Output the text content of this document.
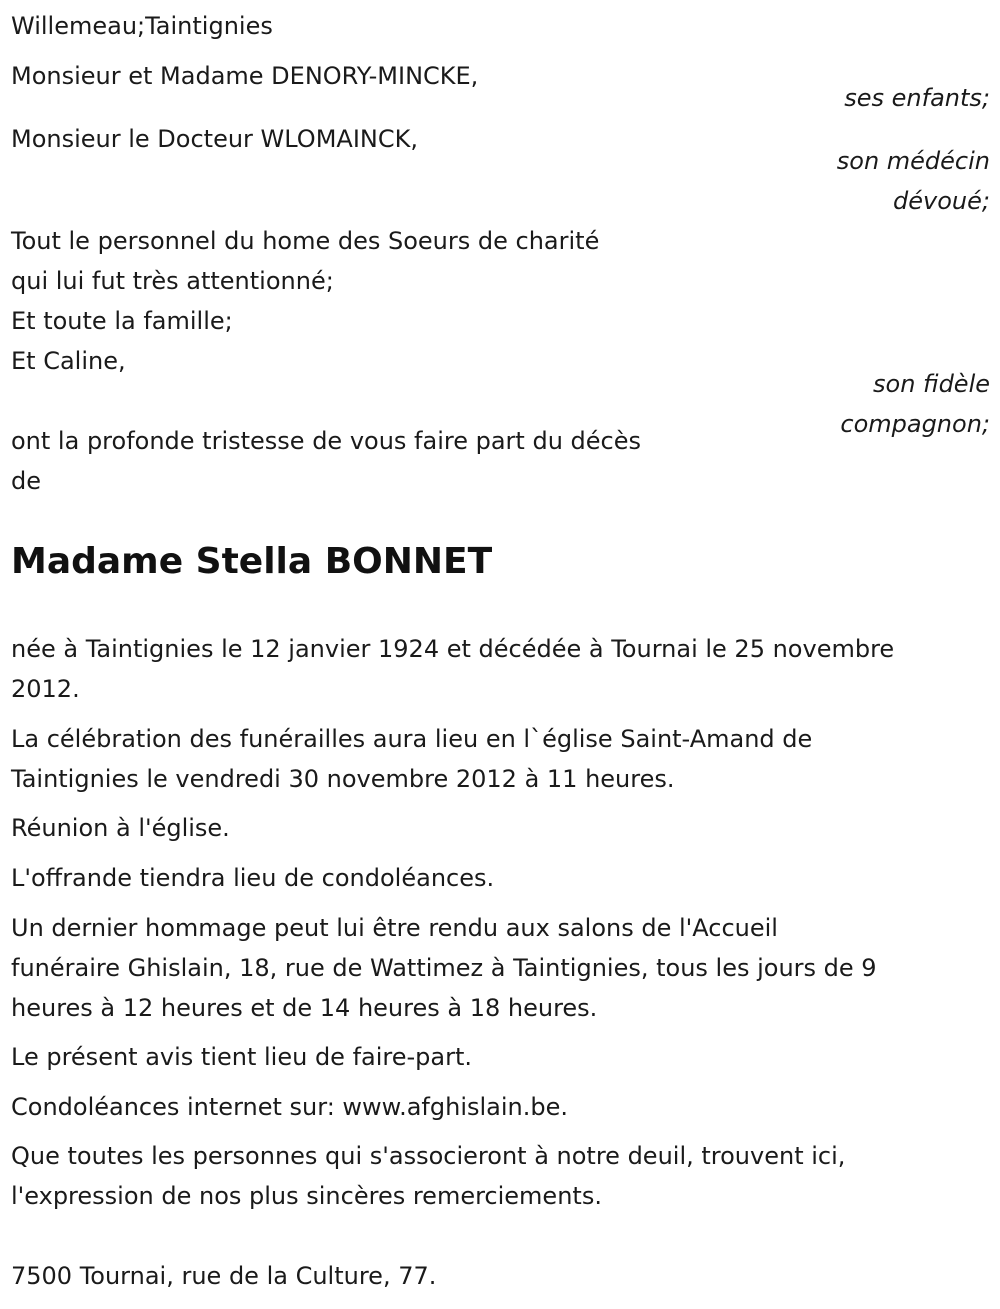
Willemeau;Taintignies
Monsieur et Madame DENORY-MINCKE,
ses enfants;
Monsieur le Docteur WLOMAINCK,
son médécin
dévoué;
Tout le personnel du home des Soeurs de charité
qui lui fut très attentionné;
Et toute la famille;
Et Caline,
son fidèle
compagnon;
ont la profonde tristesse de vous faire part du décès
de
Madame Stella BONNET
née à Taintignies le 12 janvier 1924 et décédée à Tournai le 25 novembre
2012.
La célébration des funérailles aura lieu en l`église Saint-Amand de
Taintignies le vendredi 30 novembre 2012 à 11 heures.
Réunion à l'église.
L'offrande tiendra lieu de condoléances.
Un dernier hommage peut lui être rendu aux salons de l'Accueil
funéraire Ghislain, 18, rue de Wattimez à Taintignies, tous les jours de 9
heures à 12 heures et de 14 heures à 18 heures.
Le présent avis tient lieu de faire-part.
Condoléances internet sur: www.afghislain.be.
Que toutes les personnes qui s'associeront à notre deuil, trouvent ici,
l'expression de nos plus sincères remerciements.
7500 Tournai, rue de la Culture, 77.
